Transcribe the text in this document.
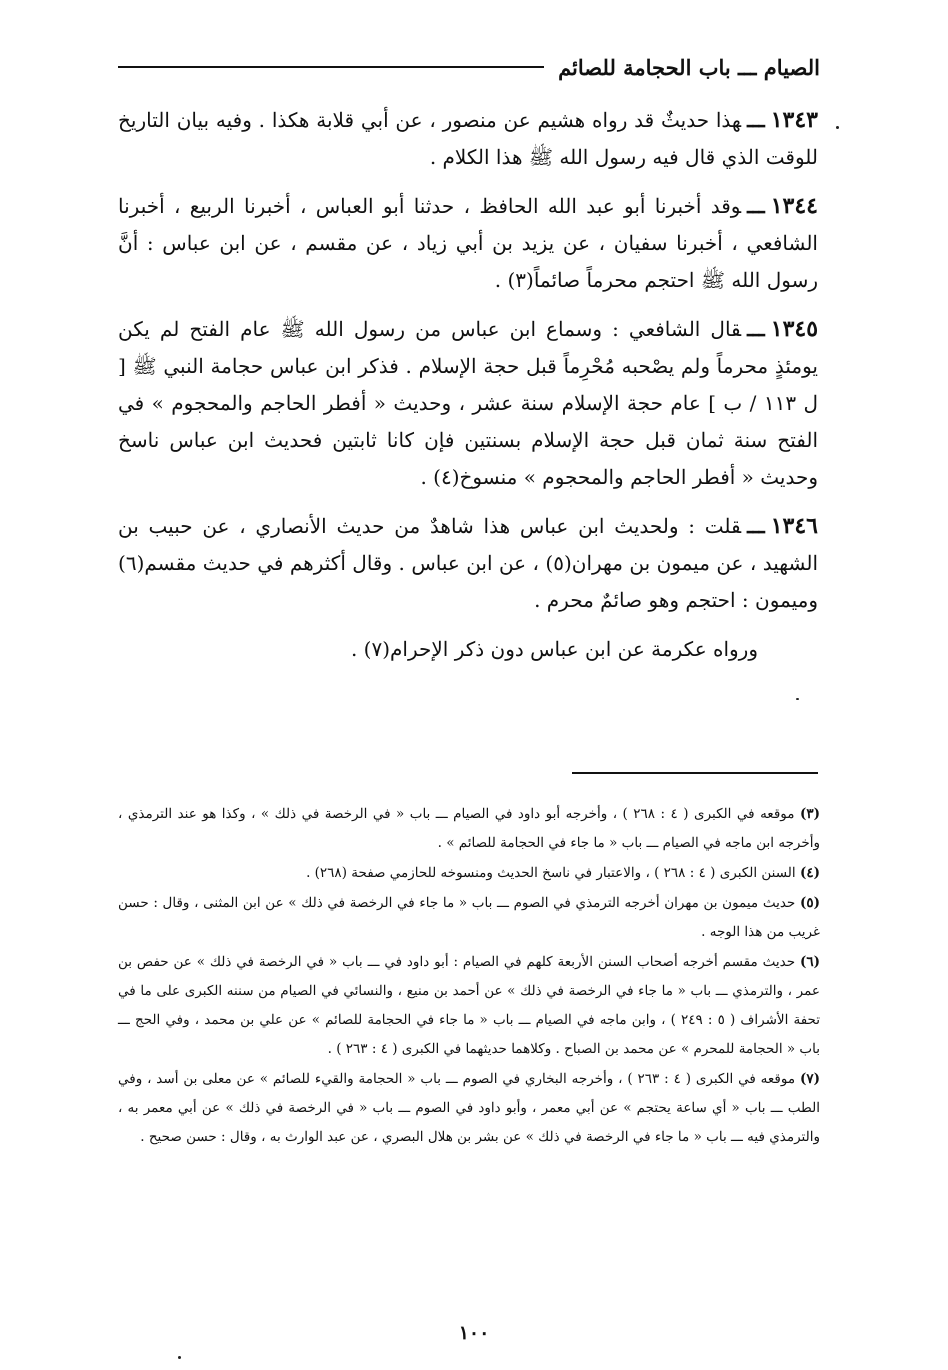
الصيام ـــ باب الحجامة للصائم

١٣٤٣ـــهذا حديثٌ قد رواه هشيم عن منصور ، عن أبي قلابة هكذا . وفيه بيان التاريخ للوقت الذي قال فيه رسول الله ﷺ هذا الكلام .

١٣٤٤ـــوقد أخبرنا أبو عبد الله الحافظ ، حدثنا أبو العباس ، أخبرنا الربيع ، أخبرنا الشافعي ، أخبرنا سفيان ، عن يزيد بن أبي زياد ، عن مقسم ، عن ابن عباس : أنَّ رسول الله ﷺ احتجم محرماً صائماً(٣) .

١٣٤٥ـــقال الشافعي : وسماع ابن عباس من رسول الله ﷺ عام الفتح لم يكن يومئذٍ محرماً ولم يصْحبه مُحْرِماً قبل حجة الإسلام . فذكر ابن عباس حجامة النبي ﷺ [ ل ١١٣ / ب ] عام حجة الإسلام سنة عشر ، وحديث « أفطر الحاجم والمحجوم » في الفتح سنة ثمان قبل حجة الإسلام بسنتين فإن كانا ثابتين فحديث ابن عباس ناسخ وحديث « أفطر الحاجم والمحجوم » منسوخ(٤) .

١٣٤٦ـــقلت : ولحديث ابن عباس هذا شاهدٌ من حديث الأنصاري ، عن حبيب بن الشهيد ، عن ميمون بن مهران(٥) ، عن ابن عباس . وقال أكثرهم في حديث مقسم(٦) وميمون : احتجم وهو صائمٌ محرم .

ورواه عكرمة عن ابن عباس دون ذكر الإحرام(٧) .

(٣) موقعه في الكبرى ( ٤ : ٢٦٨ ) ، وأخرجه أبو داود في الصيام ـــ باب « في الرخصة في ذلك » ، وكذا هو عند الترمذي ، وأخرجه ابن ماجه في الصيام ـــ باب « ما جاء في الحجامة للصائم » .

(٤) السنن الكبرى ( ٤ : ٢٦٨ ) ، والاعتبار في ناسخ الحديث ومنسوخه للحازمي صفحة (٢٦٨) .

(٥) حديث ميمون بن مهران أخرجه الترمذي في الصوم ـــ باب « ما جاء في الرخصة في ذلك » عن ابن المثنى ، وقال : حسن غريب من هذا الوجه .

(٦) حديث مقسم أخرجه أصحاب السنن الأربعة كلهم في الصيام : أبو داود في ـــ باب « في الرخصة في ذلك » عن حفص بن عمر ، والترمذي ـــ باب « ما جاء في الرخصة في ذلك » عن أحمد بن منيع ، والنسائي في الصيام من سننه الكبرى على ما في تحفة الأشراف ( ٥ : ٢٤٩ ) ، وابن ماجه في الصيام ـــ باب « ما جاء في الحجامة للصائم » عن علي بن محمد ، وفي الحج ـــ باب « الحجامة للمحرم » عن محمد بن الصباح . وكلاهما حديثهما في الكبرى ( ٤ : ٢٦٣ ) .

(٧) موقعه في الكبرى ( ٤ : ٢٦٣ ) ، وأخرجه البخاري في الصوم ـــ باب « الحجامة والقيء للصائم » عن معلى بن أسد ، وفي الطب ـــ باب « أي ساعة يحتجم » عن أبي معمر ، وأبو داود في الصوم ـــ باب « في الرخصة في ذلك » عن أبي معمر به ، والترمذي فيه ـــ باب « ما جاء في الرخصة في ذلك » عن بشر بن هلال البصري ، عن عبد الوارث به ، وقال : حسن صحيح .

١٠٠
